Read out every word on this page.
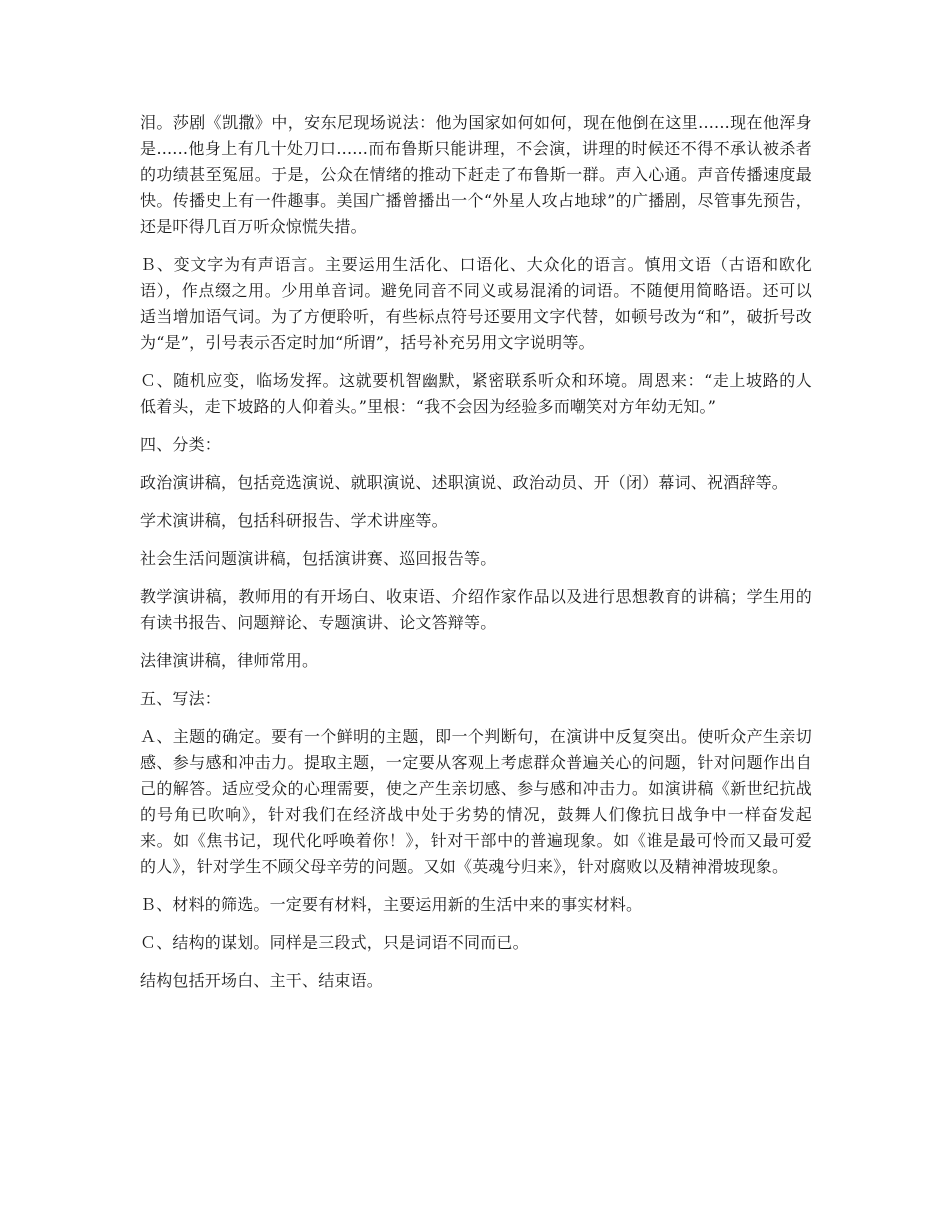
泪。莎剧《凯撒》中，安东尼现场说法：他为国家如何如何，现在他倒在这里......现在他浑身是......他身上有几十处刀口......而布鲁斯只能讲理，不会演，讲理的时候还不得不承认被杀者的功绩甚至冤屈。于是，公众在情绪的推动下赶走了布鲁斯一群。声入心通。声音传播速度最快。传播史上有一件趣事。美国广播曾播出一个“外星人攻占地球”的广播剧，尽管事先预告，还是吓得几百万听众惊慌失措。

Ｂ、变文字为有声语言。主要运用生活化、口语化、大众化的语言。慎用文语（古语和欧化语），作点缀之用。少用单音词。避免同音不同义或易混淆的词语。不随便用简略语。还可以适当增加语气词。为了方便聆听，有些标点符号还要用文字代替，如顿号改为“和”，破折号改为“是”，引号表示否定时加“所谓”，括号补充另用文字说明等。

Ｃ、随机应变，临场发挥。这就要机智幽默，紧密联系听众和环境。周恩来：“走上坡路的人低着头，走下坡路的人仰着头。”里根：“我不会因为经验多而嘲笑对方年幼无知。”

四、分类：

政治演讲稿，包括竞选演说、就职演说、述职演说、政治动员、开（闭）幕词、祝酒辞等。

学术演讲稿，包括科研报告、学术讲座等。

社会生活问题演讲稿，包括演讲赛、巡回报告等。

教学演讲稿，教师用的有开场白、收束语、介绍作家作品以及进行思想教育的讲稿；学生用的有读书报告、问题辩论、专题演讲、论文答辩等。

法律演讲稿，律师常用。

五、写法：

Ａ、主题的确定。要有一个鲜明的主题，即一个判断句，在演讲中反复突出。使听众产生亲切感、参与感和冲击力。提取主题，一定要从客观上考虑群众普遍关心的问题，针对问题作出自己的解答。适应受众的心理需要，使之产生亲切感、参与感和冲击力。如演讲稿《新世纪抗战的号角已吹响》，针对我们在经济战中处于劣势的情况，鼓舞人们像抗日战争中一样奋发起来。如《焦书记，现代化呼唤着你！》，针对干部中的普遍现象。如《谁是最可怜而又最可爱的人》，针对学生不顾父母辛劳的问题。又如《英魂兮归来》，针对腐败以及精神滑坡现象。

Ｂ、材料的筛选。一定要有材料，主要运用新的生活中来的事实材料。

Ｃ、结构的谋划。同样是三段式，只是词语不同而已。

结构包括开场白、主干、结束语。
